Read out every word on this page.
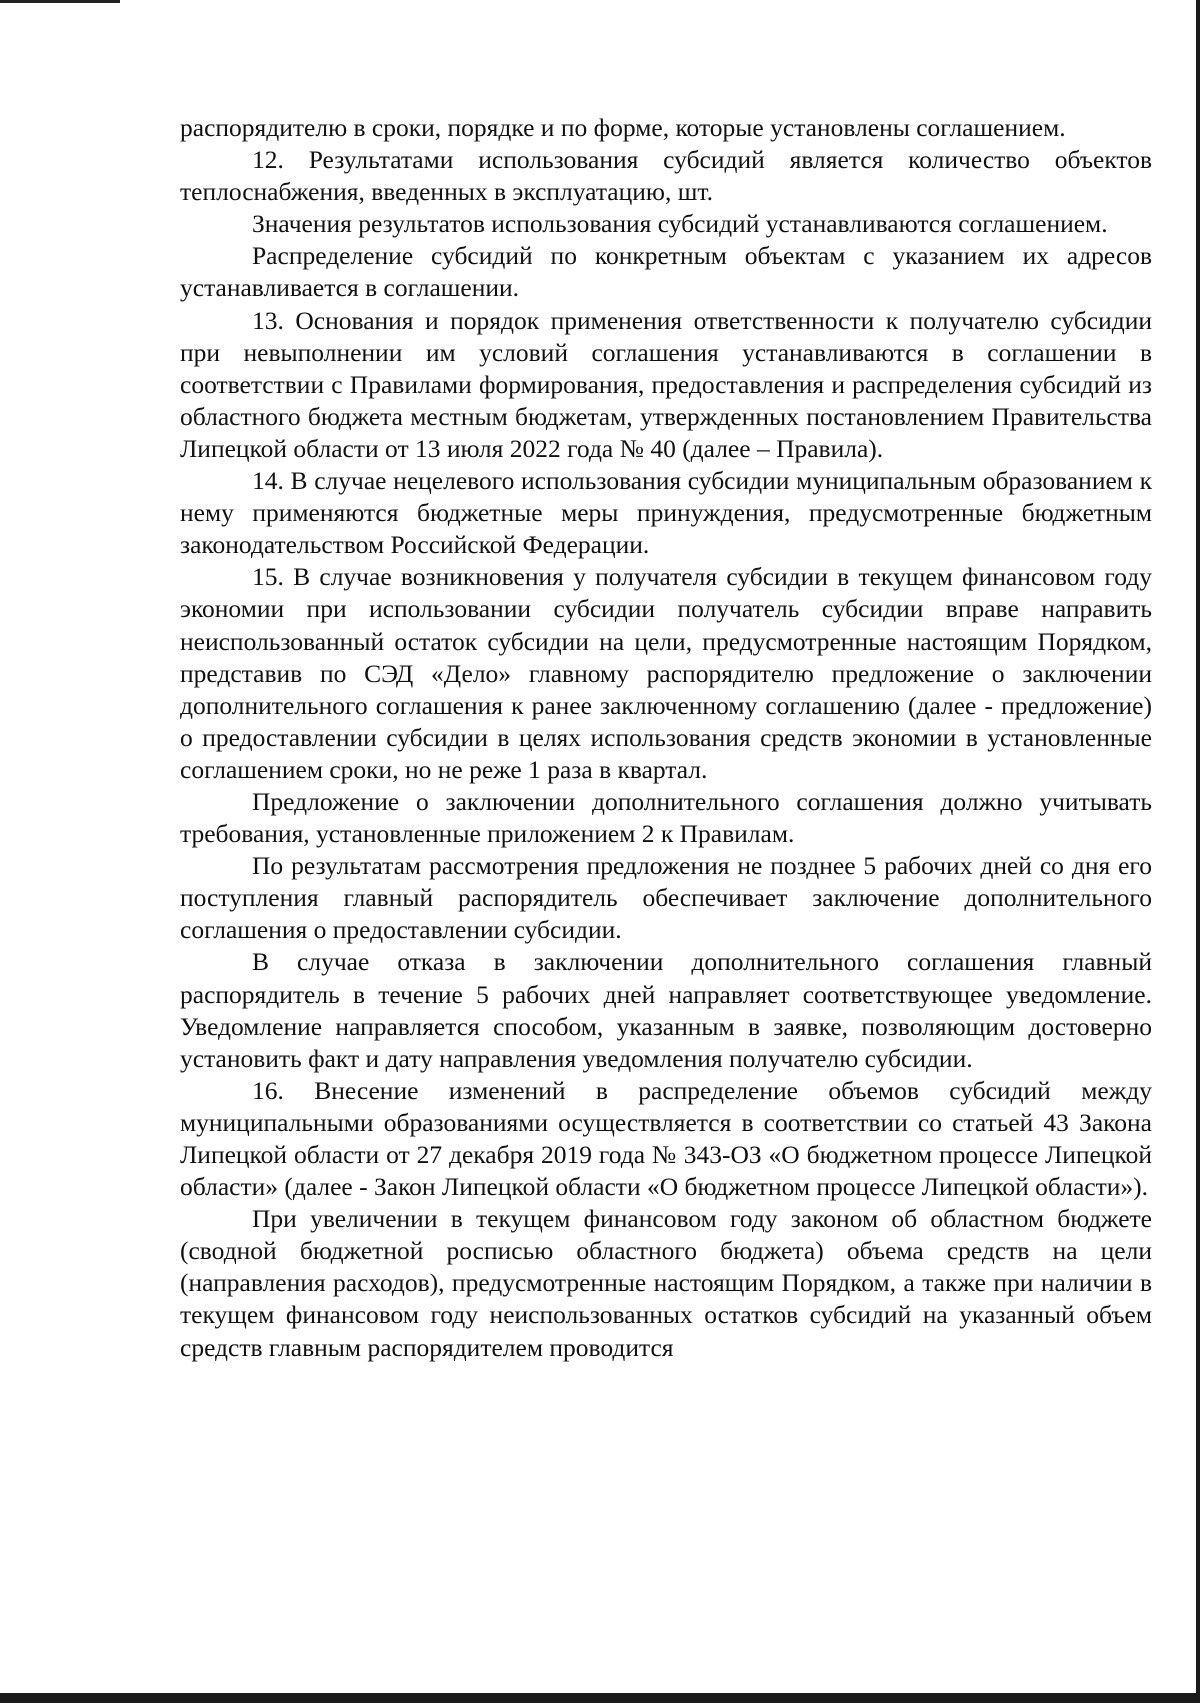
распорядителю в сроки, порядке и по форме, которые установлены соглашением.

12. Результатами использования субсидий является количество объектов теплоснабжения, введенных в эксплуатацию, шт.

Значения результатов использования субсидий устанавливаются соглашением.

Распределение субсидий по конкретным объектам с указанием их адресов устанавливается в соглашении.

13. Основания и порядок применения ответственности к получателю субсидии при невыполнении им условий соглашения устанавливаются в соглашении в соответствии с Правилами формирования, предоставления и распределения субсидий из областного бюджета местным бюджетам, утвержденных постановлением Правительства Липецкой области от 13 июля 2022 года № 40 (далее – Правила).

14. В случае нецелевого использования субсидии муниципальным образованием к нему применяются бюджетные меры принуждения, предусмотренные бюджетным законодательством Российской Федерации.

15. В случае возникновения у получателя субсидии в текущем финансовом году экономии при использовании субсидии получатель субсидии вправе направить неиспользованный остаток субсидии на цели, предусмотренные настоящим Порядком, представив по СЭД «Дело» главному распорядителю предложение о заключении дополнительного соглашения к ранее заключенному соглашению (далее - предложение) о предоставлении субсидии в целях использования средств экономии в установленные соглашением сроки, но не реже 1 раза в квартал.

Предложение о заключении дополнительного соглашения должно учитывать требования, установленные приложением 2 к Правилам.

По результатам рассмотрения предложения не позднее 5 рабочих дней со дня его поступления главный распорядитель обеспечивает заключение дополнительного соглашения о предоставлении субсидии.

В случае отказа в заключении дополнительного соглашения главный распорядитель в течение 5 рабочих дней направляет соответствующее уведомление. Уведомление направляется способом, указанным в заявке, позволяющим достоверно установить факт и дату направления уведомления получателю субсидии.

16. Внесение изменений в распределение объемов субсидий между муниципальными образованиями осуществляется в соответствии со статьей 43 Закона Липецкой области от 27 декабря 2019 года № 343-ОЗ «О бюджетном процессе Липецкой области» (далее - Закон Липецкой области «О бюджетном процессе Липецкой области»).

При увеличении в текущем финансовом году законом об областном бюджете (сводной бюджетной росписью областного бюджета) объема средств на цели (направления расходов), предусмотренные настоящим Порядком, а также при наличии в текущем финансовом году неиспользованных остатков субсидий на указанный объем средств главным распорядителем проводится
